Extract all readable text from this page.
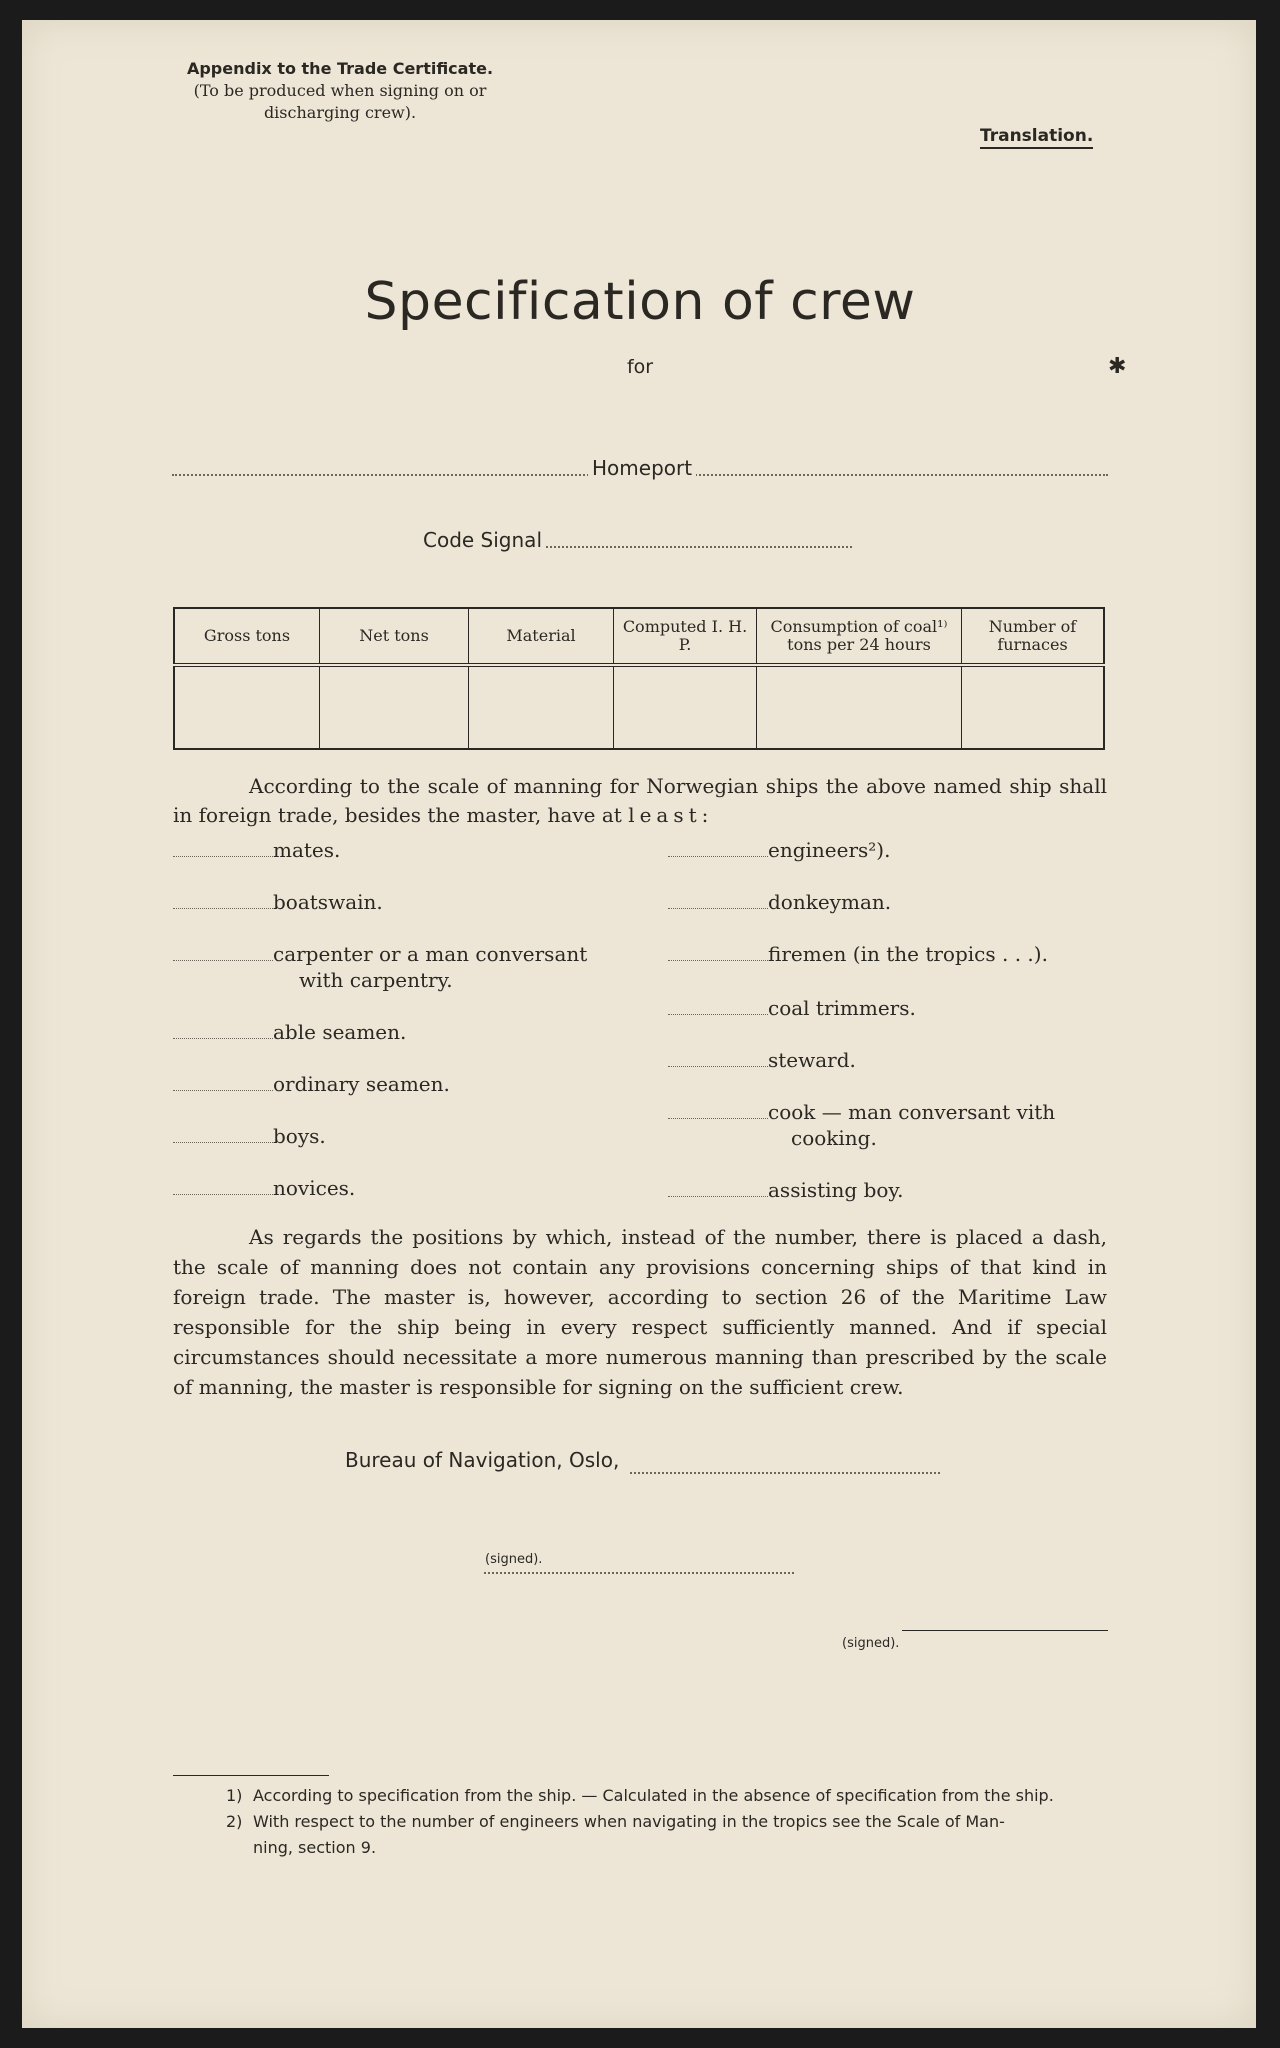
Appendix to the Trade Certificate.
(To be produced when signing on or
discharging crew).
Translation.
Specification of crew
for	✱
Homeport
Code Signal
Gross tons	Net tons	Material	Computed I. H. P.	Consumption of coal¹⁾ tons per 24 hours	Number of furnaces

According to the scale of manning for Norwegian ships the above named ship shall in foreign trade, besides the master, have at least:
mates.
boatswain.
carpenter or a man conversant
with carpentry.
able seamen.
ordinary seamen.
boys.
novices.
engineers²).
donkeyman.
firemen (in the tropics . . .).
coal trimmers.
steward.
cook — man conversant vith
cooking.
assisting boy.
As regards the positions by which, instead of the number, there is placed a dash, the scale of manning does not contain any provisions concerning ships of that kind in foreign trade. The master is, however, according to section 26 of the Maritime Law responsible for the ship being in every respect sufficiently manned. And if special circumstances should necessitate a more numerous manning than prescribed by the scale of manning, the master is responsible for signing on the sufficient crew.
Bureau of Navigation, Oslo,
(signed).
(signed).
1) According to specification from the ship. — Calculated in the absence of specification from the ship.
2) With respect to the number of engineers when navigating in the tropics see the Scale of Man-
ning, section 9.
